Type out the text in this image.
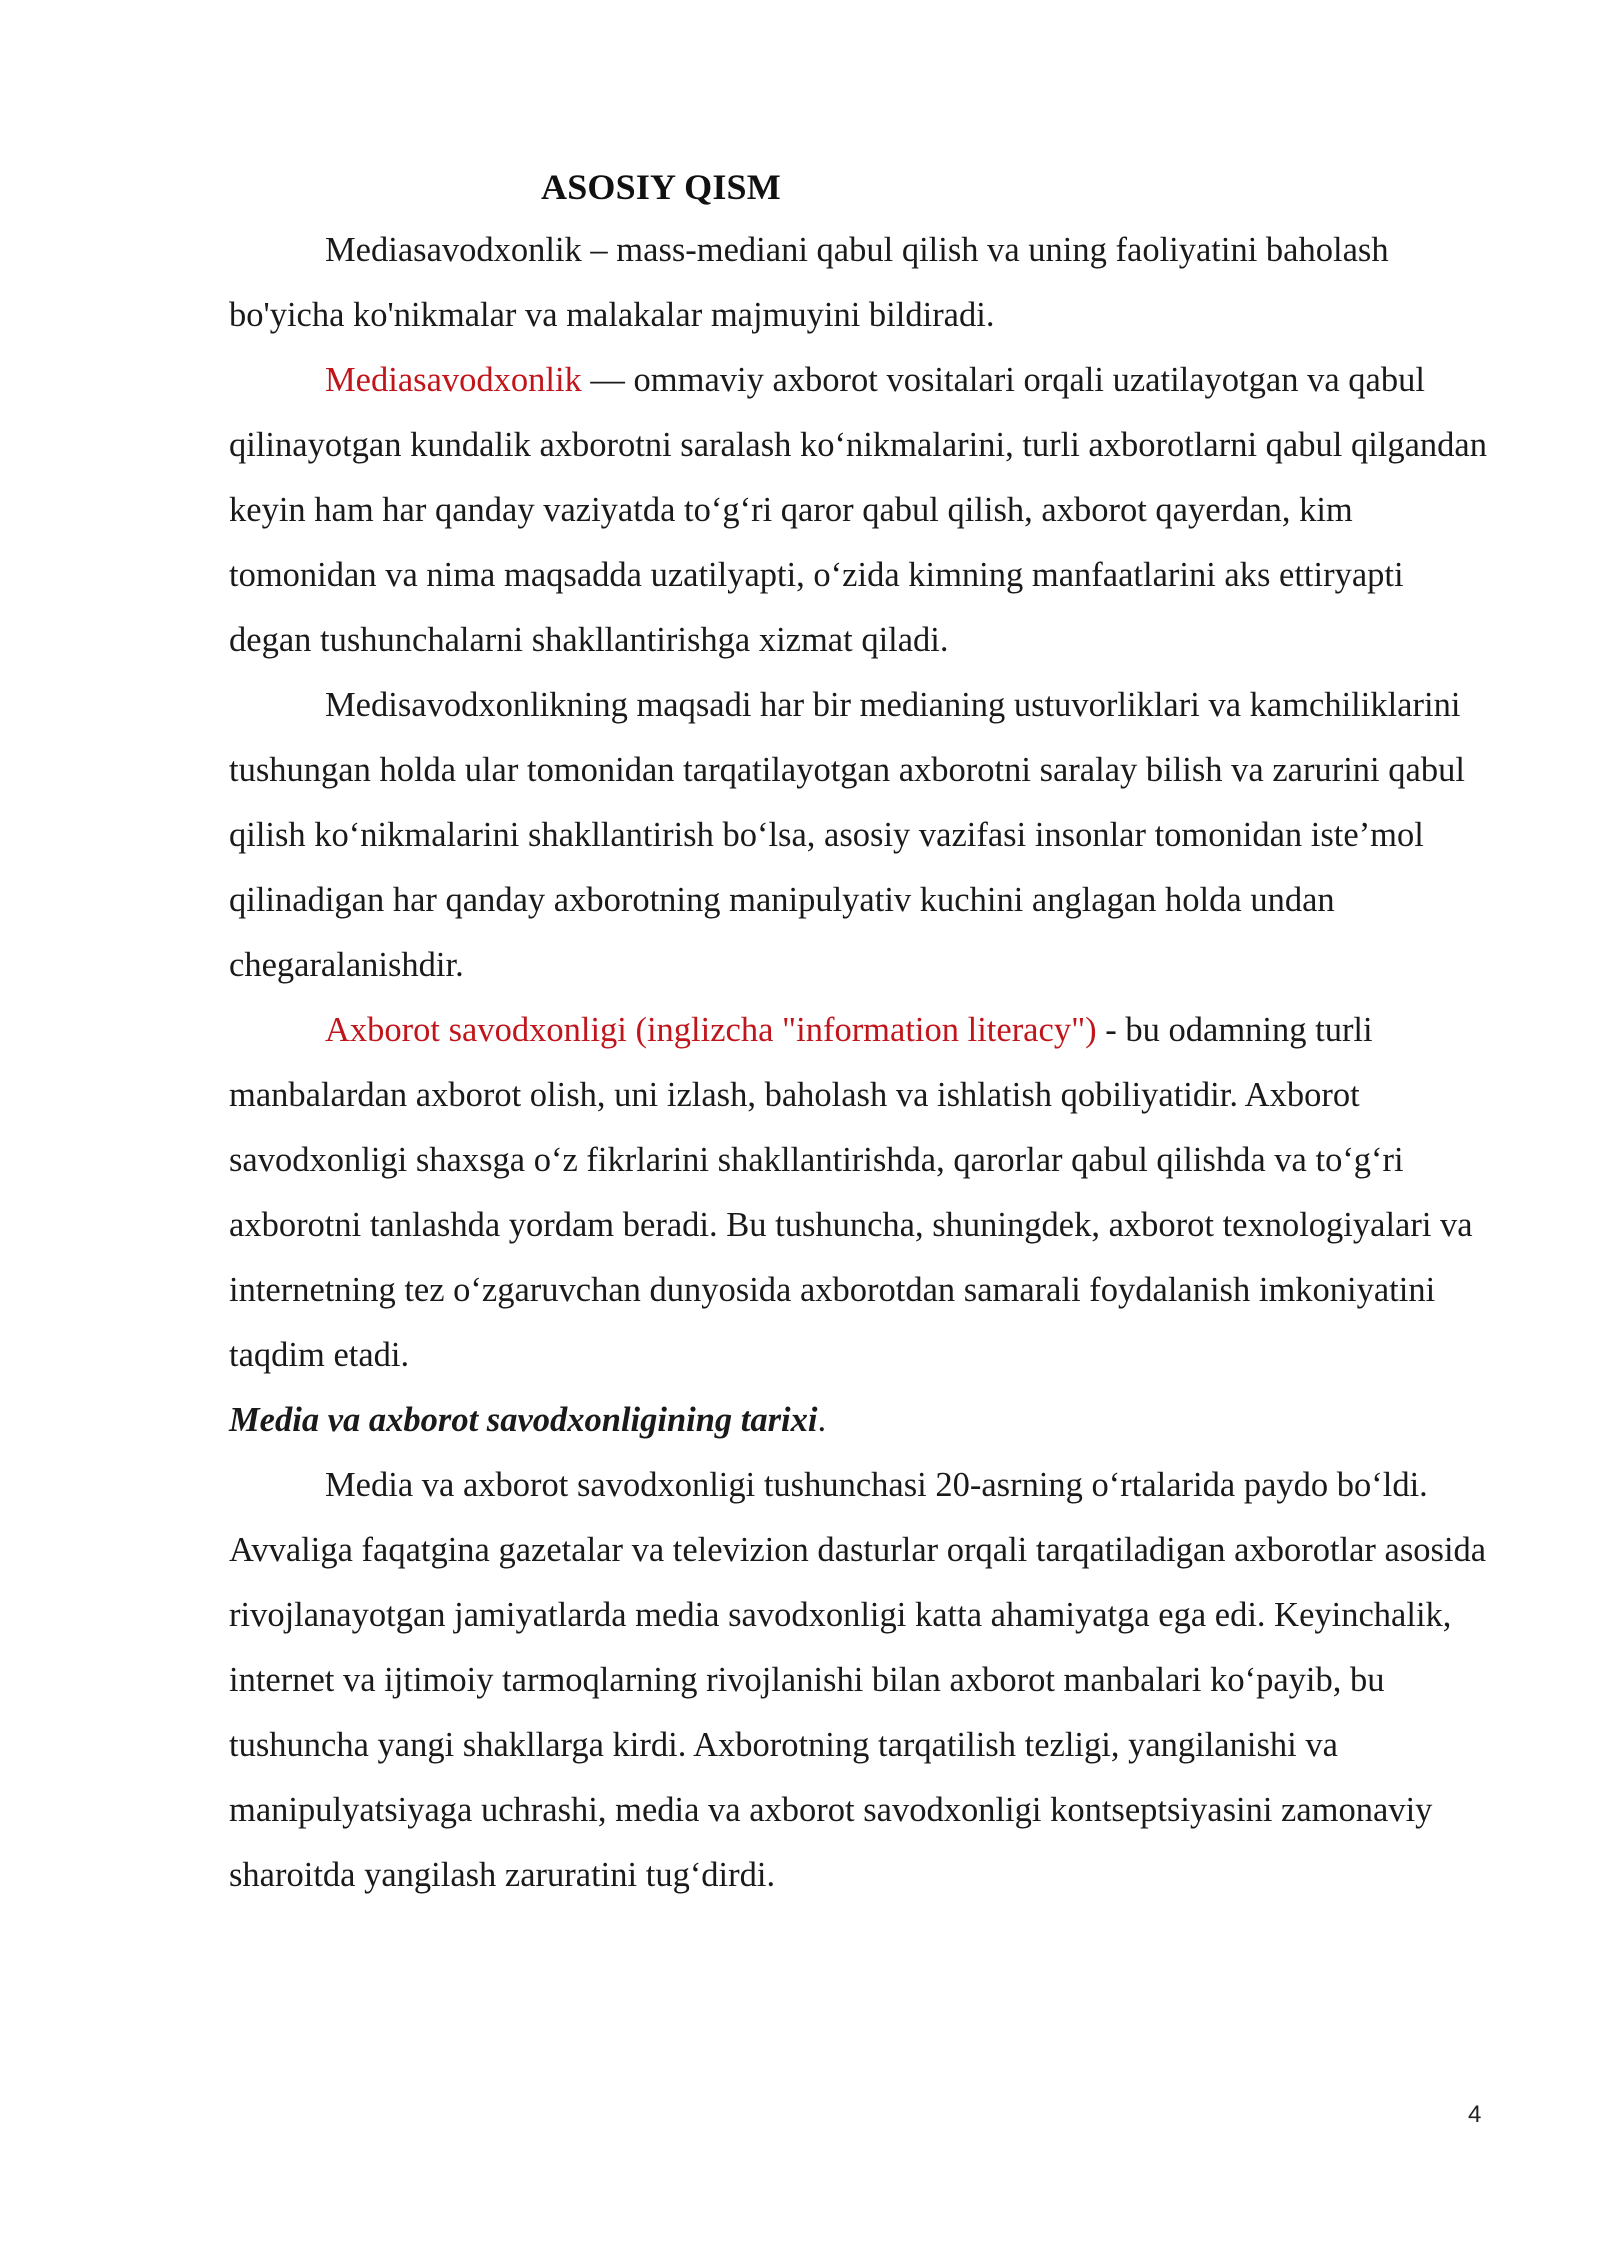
ASOSIY QISM

Mediasavodxonlik – mass-mediani qabul qilish va uning faoliyatini baholash bo'yicha ko'nikmalar va malakalar majmuyini bildiradi.

Mediasavodxonlik — ommaviy axborot vositalari orqali uzatilayotgan va qabul qilinayotgan kundalik axborotni saralash ko‘nikmalarini, turli axborotlarni qabul qilgandan keyin ham har qanday vaziyatda to‘g‘ri qaror qabul qilish, axborot qayerdan, kim tomonidan va nima maqsadda uzatilyapti, o‘zida kimning manfaatlarini aks ettiryapti degan tushunchalarni shakllantirishga xizmat qiladi.

Medisavodxonlikning maqsadi har bir medianing ustuvorliklari va kamchiliklarini tushungan holda ular tomonidan tarqatilayotgan axborotni saralay bilish va zarurini qabul qilish ko‘nikmalarini shakllantirish bo‘lsa, asosiy vazifasi insonlar tomonidan iste’mol qilinadigan har qanday axborotning manipulyativ kuchini anglagan holda undan chegaralanishdir.

Axborot savodxonligi (inglizcha "information literacy") - bu odamning turli manbalardan axborot olish, uni izlash, baholash va ishlatish qobiliyatidir. Axborot savodxonligi shaxsga o‘z fikrlarini shakllantirishda, qarorlar qabul qilishda va to‘g‘ri axborotni tanlashda yordam beradi. Bu tushuncha, shuningdek, axborot texnologiyalari va internetning tez o‘zgaruvchan dunyosida axborotdan samarali foydalanish imkoniyatini taqdim etadi.

Media va axborot savodxonligining tarixi.

Media va axborot savodxonligi tushunchasi 20-asrning o‘rtalarida paydo bo‘ldi. Avvaliga faqatgina gazetalar va televizion dasturlar orqali tarqatiladigan axborotlar asosida rivojlanayotgan jamiyatlarda media savodxonligi katta ahamiyatga ega edi. Keyinchalik, internet va ijtimoiy tarmoqlarning rivojlanishi bilan axborot manbalari ko‘payib, bu tushuncha yangi shakllarga kirdi. Axborotning tarqatilish tezligi, yangilanishi va manipulyatsiyaga uchrashi, media va axborot savodxonligi kontseptsiyasini zamonaviy sharoitda yangilash zaruratini tug‘dirdi.

4
